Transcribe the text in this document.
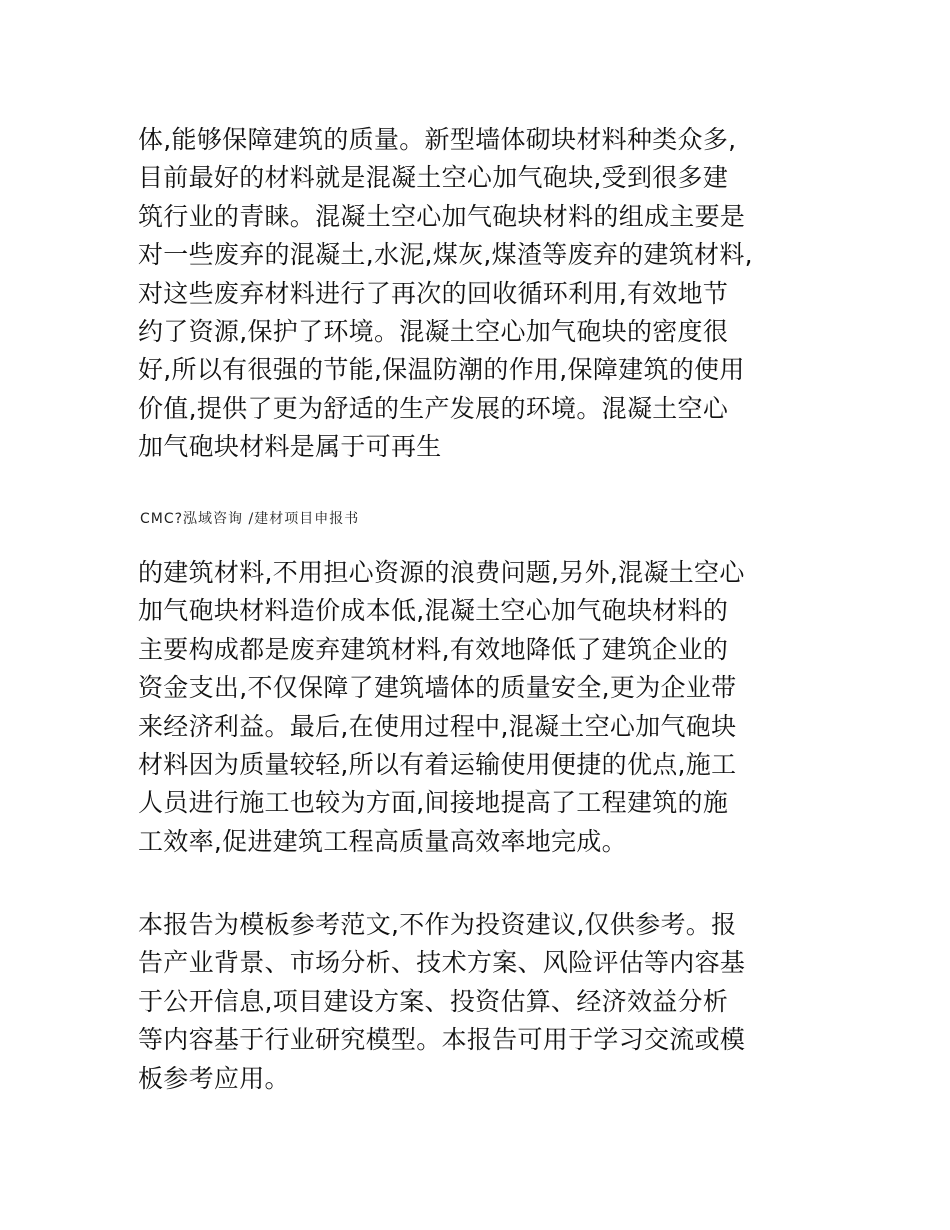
体,能够保障建筑的质量。新型墙体砌块材料种类众多,
目前最好的材料就是混凝土空心加气砲块,受到很多建
筑行业的青睐。混凝土空心加气砲块材料的组成主要是
对一些废弃的混凝土,水泥,煤灰,煤渣等废弃的建筑材料,
对这些废弃材料进行了再次的回收循环利用,有效地节
约了资源,保护了环境。混凝土空心加气砲块的密度很
好,所以有很强的节能,保温防潮的作用,保障建筑的使用
价值,提供了更为舒适的生产发展的环境。混凝土空心
加气砲块材料是属于可再生
CMC?泓域咨询 /建材项目申报书
的建筑材料,不用担心资源的浪费问题,另外,混凝土空心
加气砲块材料造价成本低,混凝土空心加气砲块材料的
主要构成都是废弃建筑材料,有效地降低了建筑企业的
资金支出,不仅保障了建筑墙体的质量安全,更为企业带
来经济利益。最后,在使用过程中,混凝土空心加气砲块
材料因为质量较轻,所以有着运输使用便捷的优点,施工
人员进行施工也较为方面,间接地提高了工程建筑的施
工效率,促进建筑工程高质量高效率地完成。
本报告为模板参考范文,不作为投资建议,仅供参考。报
告产业背景、市场分析、技术方案、风险评估等内容基
于公开信息,项目建设方案、投资估算、经济效益分析
等内容基于行业研究模型。本报告可用于学习交流或模
板参考应用。
